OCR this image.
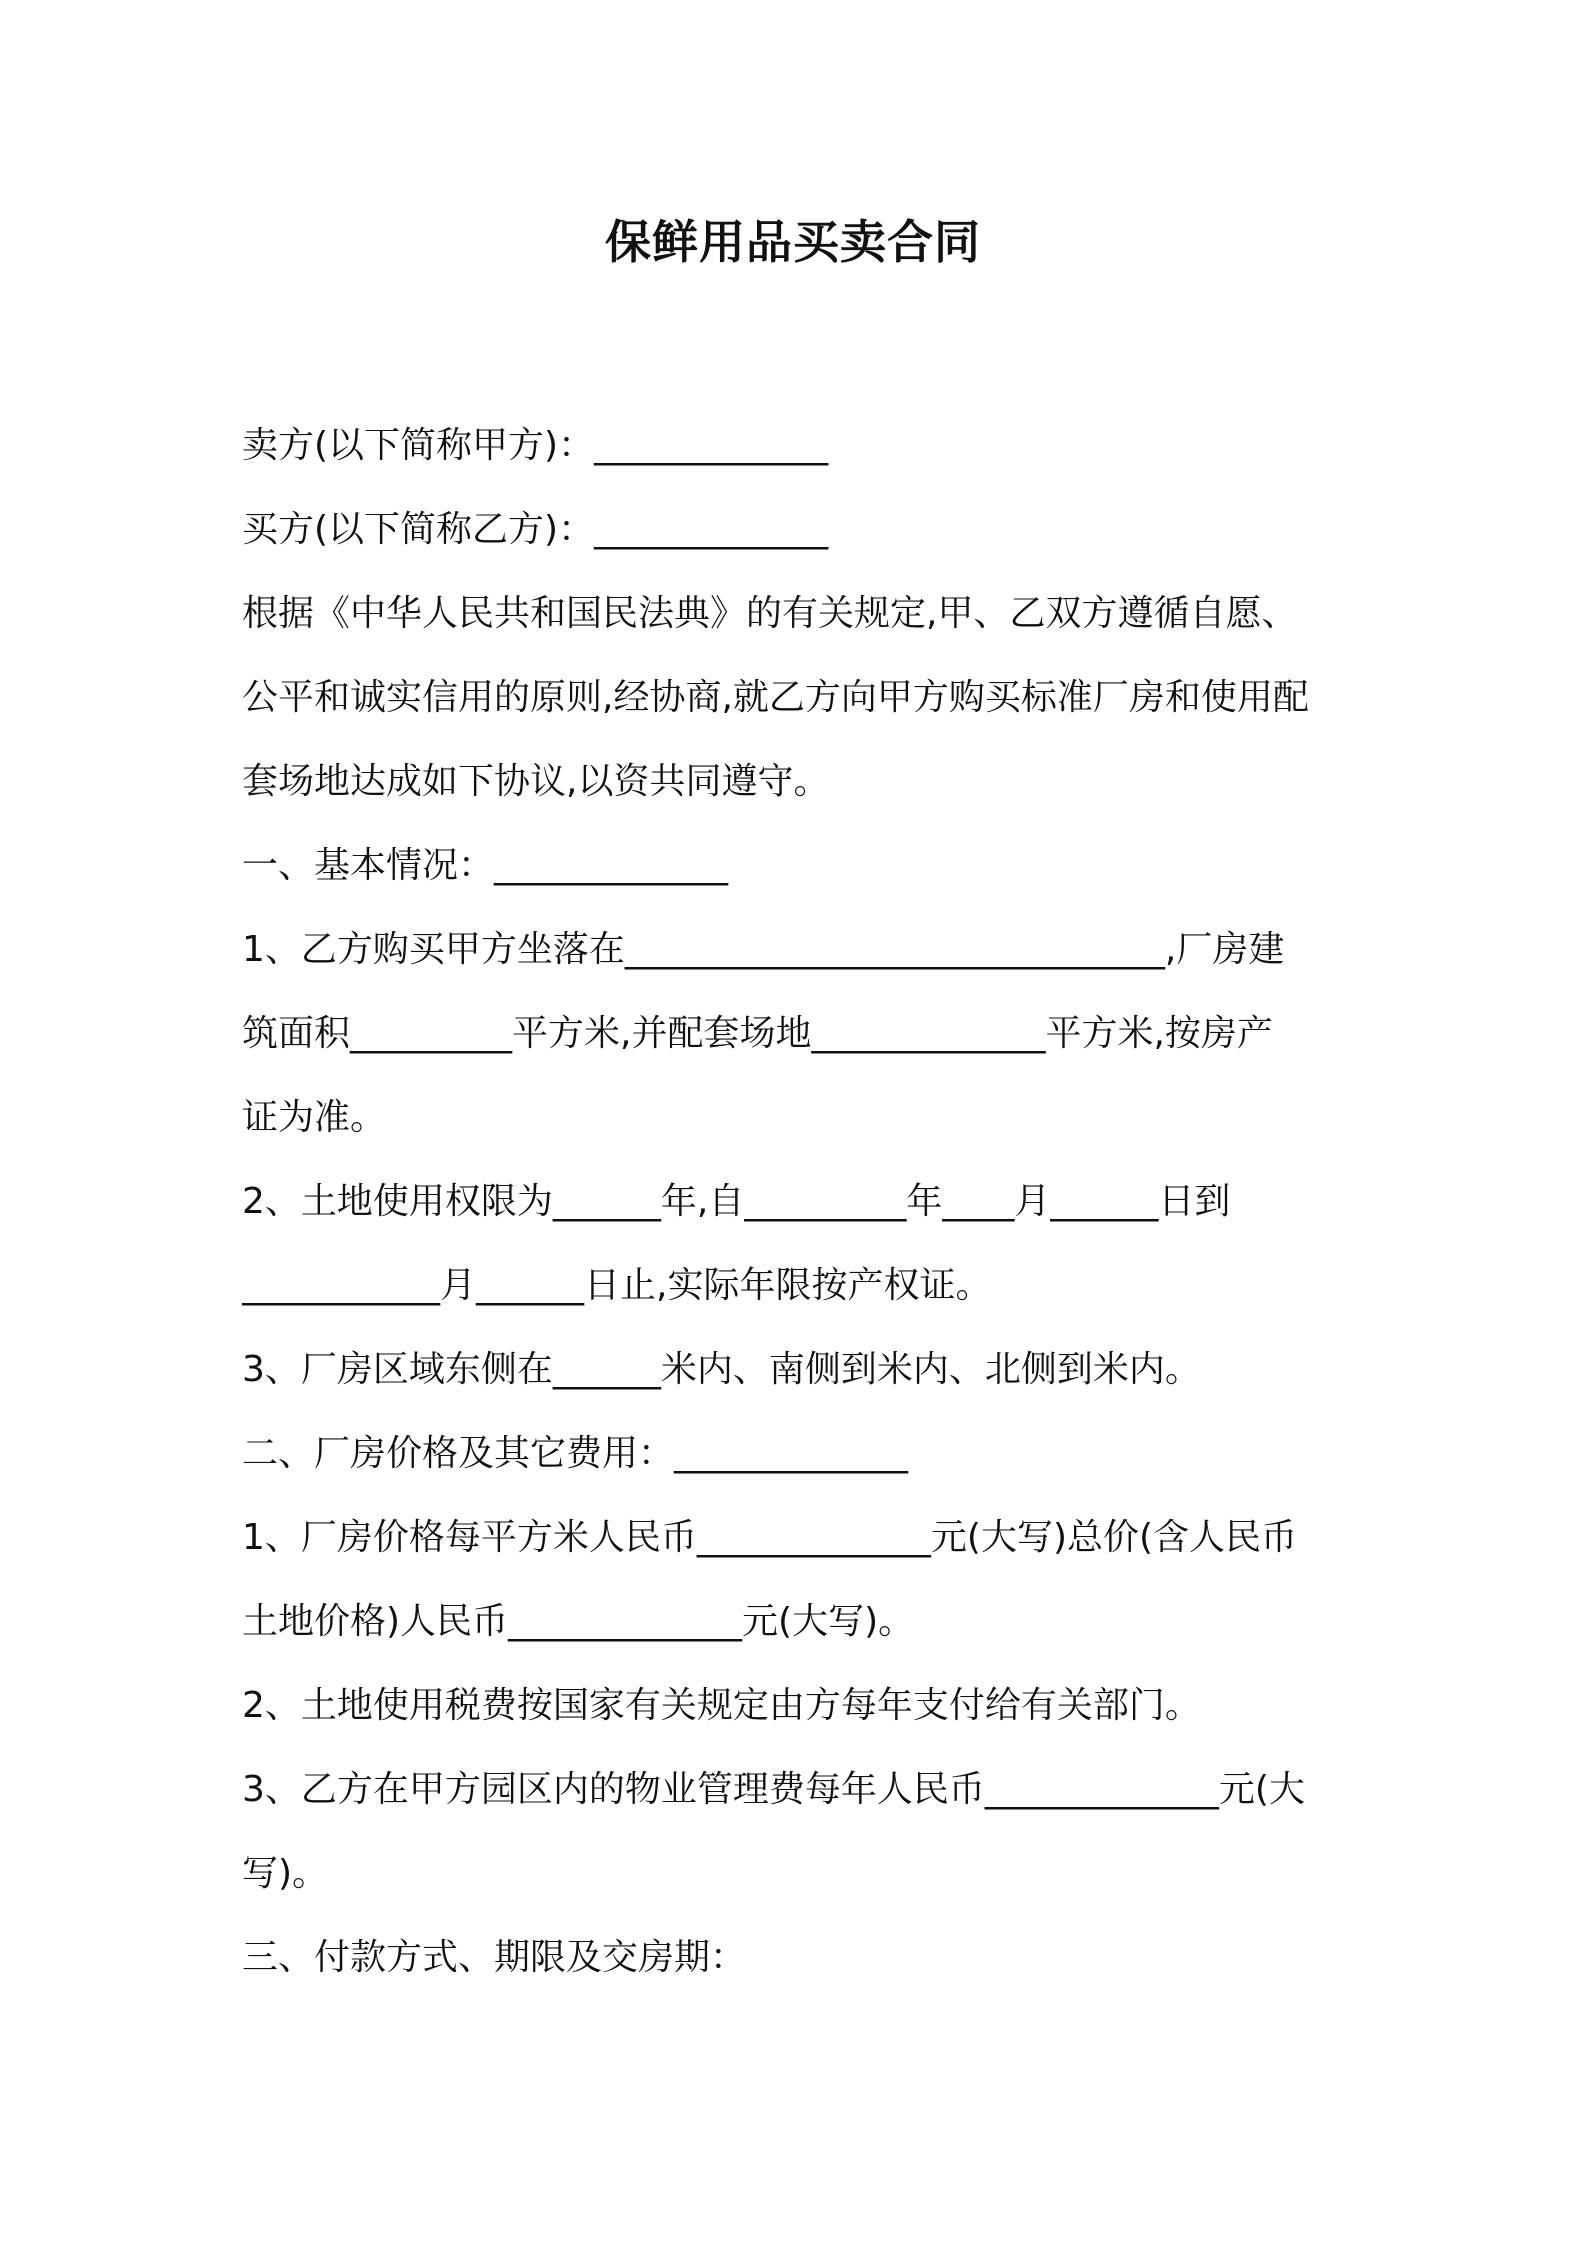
保鲜用品买卖合同
卖方(以下简称甲方)：_____________
买方(以下简称乙方)：_____________
根据《中华人民共和国民法典》的有关规定,甲、乙双方遵循自愿、
公平和诚实信用的原则,经协商,就乙方向甲方购买标准厂房和使用配
套场地达成如下协议,以资共同遵守。
一、基本情况：_____________
1、乙方购买甲方坐落在______________________________,厂房建
筑面积_________平方米,并配套场地_____________平方米,按房产
证为准。
2、土地使用权限为______年,自_________年____月______日到
___________月______日止,实际年限按产权证。
3、厂房区域东侧在______米内、南侧到米内、北侧到米内。
二、厂房价格及其它费用：_____________
1、厂房价格每平方米人民币_____________元(大写)总价(含人民币
土地价格)人民币_____________元(大写)。
2、土地使用税费按国家有关规定由方每年支付给有关部门。
3、乙方在甲方园区内的物业管理费每年人民币_____________元(大
写)。
三、付款方式、期限及交房期：
